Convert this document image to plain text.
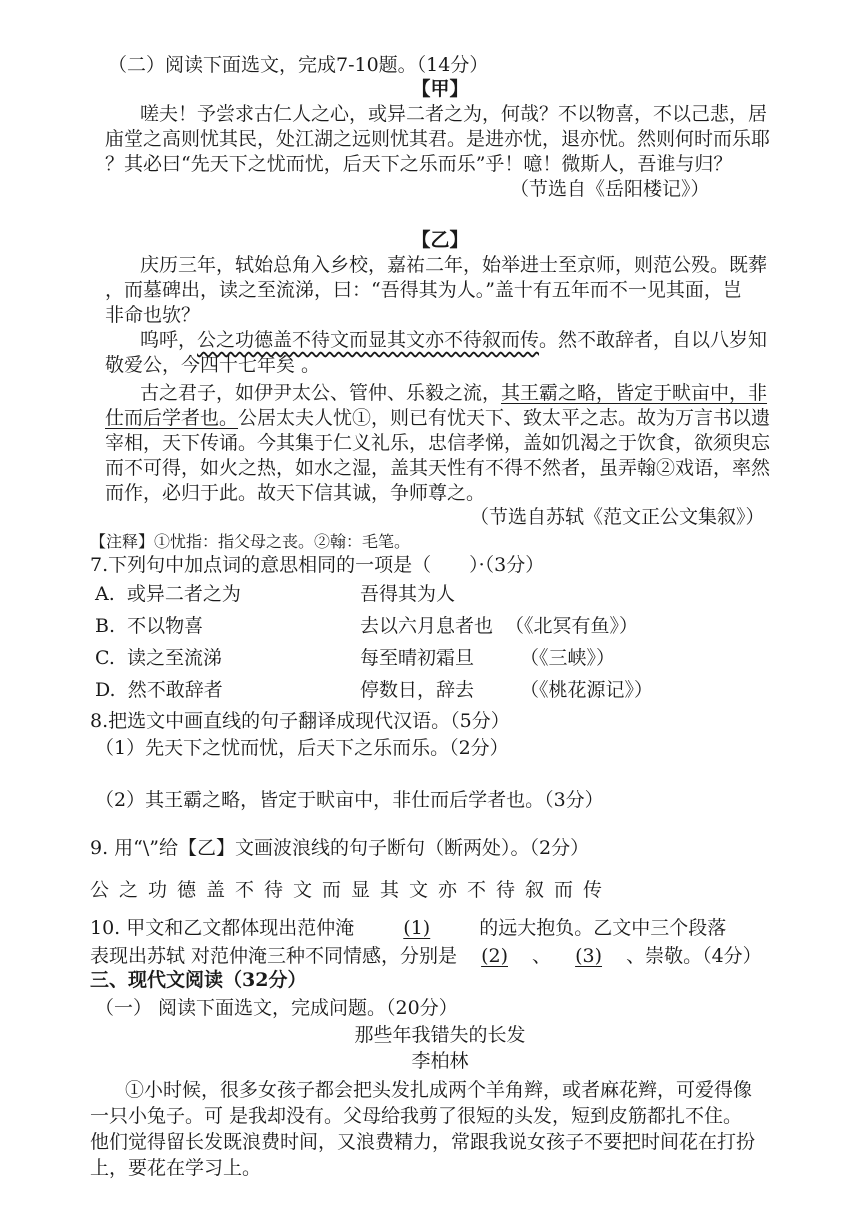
（二）阅读下面选文，完成7-10题。（14分）
【甲】
嗟夫！予尝求古仁人之心，或异二者之为，何哉？不以物喜，不以己悲，居
庙堂之高则忧其民，处江湖之远则忧其君。是进亦忧，退亦忧。然则何时而乐耶
？其必曰“先天下之忧而忧，后天下之乐而乐”乎！噫！微斯人，吾谁与归？
（节选自《岳阳楼记》）
【乙】
庆历三年，轼始总角入乡校，嘉祐二年，始举进士至京师，则范公殁。既葬
，而墓碑出，读之至流涕，曰：“吾得其为人。”盖十有五年而不一见其面，岂
非命也欤？
呜呼，公之功德盖不待文而显其文亦不待叙而传。然不敢辞者，自以八岁知
敬爱公，今四十七年矣 。
古之君子，如伊尹太公、管仲、乐毅之流，其王霸之略，皆定于畎亩中，非
仕而后学者也。公居太夫人忧①，则已有忧天下、致太平之志。故为万言书以遗
宰相，天下传诵。今其集于仁义礼乐，忠信孝悌，盖如饥渴之于饮食，欲须臾忘
而不可得，如火之热，如水之湿，盖其天性有不得不然者，虽弄翰②戏语，率然
而作，必归于此。故天下信其诚，争师尊之。
（节选自苏轼《范文正公文集叙》）
【注释】①忧指：指父母之丧。②翰：毛笔。
7.下列句中加点词的意思相同的一项是（　　）·（3分）
A. 或异二者之为	吾得其为人
B. 不以物喜	去以六月息者也 （《北冥有鱼》）
C. 读之至流涕	每至晴初霜旦 （《三峡》）
D. 然不敢辞者	停数日，辞去 （《桃花源记》）
8.把选文中画直线的句子翻译成现代汉语。（5分）
（1）先天下之忧而忧，后天下之乐而乐。（2分）
（2）其王霸之略，皆定于畎亩中，非仕而后学者也。（3分）
9. 用“\”给【乙】文画波浪线的句子断句（断两处）。（2分）
公之功德盖不待文而显其文亦不待叙而传
10. 甲文和乙文都体现出范仲淹	(1)	的远大抱负。乙文中三个段落
表现出苏轼 对范仲淹三种不同情感，分别是 (2) 、 (3) 、崇敬。（4分）
三、现代文阅读（32分）
（一） 阅读下面选文，完成问题。（20分）
那些年我错失的长发
李柏林
①小时候，很多女孩子都会把头发扎成两个羊角辫，或者麻花辫，可爱得像
一只小兔子。可 是我却没有。父母给我剪了很短的头发，短到皮筋都扎不住。
他们觉得留长发既浪费时间，又浪费精力，常跟我说女孩子不要把时间花在打扮
上，要花在学习上。
